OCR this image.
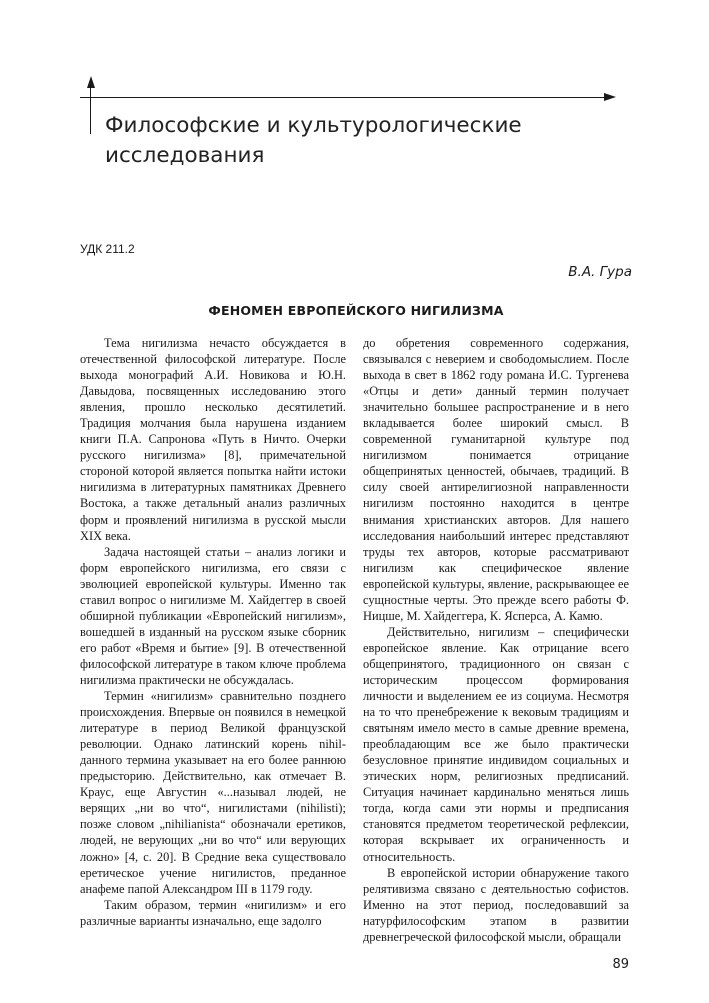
Философские и культурологические
исследования
УДК 211.2
В.А. Гура
ФЕНОМЕН ЕВРОПЕЙСКОГО НИГИЛИЗМА

Тема нигилизма нечасто обсуждается в отечественной философской литературе. После выхода монографий А.И. Новикова и Ю.Н. Давыдова, посвященных исследованию этого явления, прошло несколько десятилетий. Традиция молчания была нарушена изданием книги П.А. Сапронова «Путь в Ничто. Очерки русского нигилизма» [8], примечательной стороной которой является попытка найти истоки нигилизма в литературных памятниках Древнего Востока, а также детальный анализ различных форм и проявлений нигилизма в русской мысли XIX века.

Задача настоящей статьи – анализ логики и форм европейского нигилизма, его связи с эволюцией европейской культуры. Именно так ставил вопрос о нигилизме М. Хайдеггер в своей обширной публикации «Европейский нигилизм», вошедшей в изданный на русском языке сборник его работ «Время и бытие» [9]. В отечественной философской литературе в таком ключе проблема нигилизма практически не обсуждалась.

Термин «нигилизм» сравнительно позднего происхождения. Впервые он появился в немецкой литературе в период Великой французской революции. Однако латинский корень nihil-данного термина указывает на его более раннюю предысторию. Действительно, как отмечает В. Краус, еще Августин «...называл людей, не верящих „ни во что“, нигилистами (nihilisti); позже словом „nihilianista“ обозначали еретиков, людей, не верующих „ни во что“ или верующих ложно» [4, с. 20]. В Средние века существовало еретическое учение нигилистов, преданное анафеме папой Александром III в 1179 году.

Таким образом, термин «нигилизм» и его различные варианты изначально, еще задолго

до обретения современного содержания, связывался с неверием и свободомыслием. После выхода в свет в 1862 году романа И.С. Тургенева «Отцы и дети» данный термин получает значительно большее распространение и в него вкладывается более широкий смысл. В современной гуманитарной культуре под нигилизмом понимается отрицание общепринятых ценностей, обычаев, традиций. В силу своей антирелигиозной направленности нигилизм постоянно находится в центре внимания христианских авторов. Для нашего исследования наибольший интерес представляют труды тех авторов, которые рассматривают нигилизм как специфическое явление европейской культуры, явление, раскрывающее ее сущностные черты. Это прежде всего работы Ф. Ницше, М. Хайдеггера, К. Ясперса, А. Камю.

Действительно, нигилизм – специфически европейское явление. Как отрицание всего общепринятого, традиционного он связан с историческим процессом формирования личности и выделением ее из социума. Несмотря на то что пренебрежение к вековым традициям и святыням имело место в самые древние времена, преобладающим все же было практически безусловное принятие индивидом социальных и этических норм, религиозных предписаний. Ситуация начинает кардинально меняться лишь тогда, когда сами эти нормы и предписания становятся предметом теоретической рефлексии, которая вскрывает их ограниченность и относительность.

В европейской истории обнаружение такого релятивизма связано с деятельностью софистов. Именно на этот период, последовавший за натурфилософским этапом в развитии древнегреческой философской мысли, обращали

89
